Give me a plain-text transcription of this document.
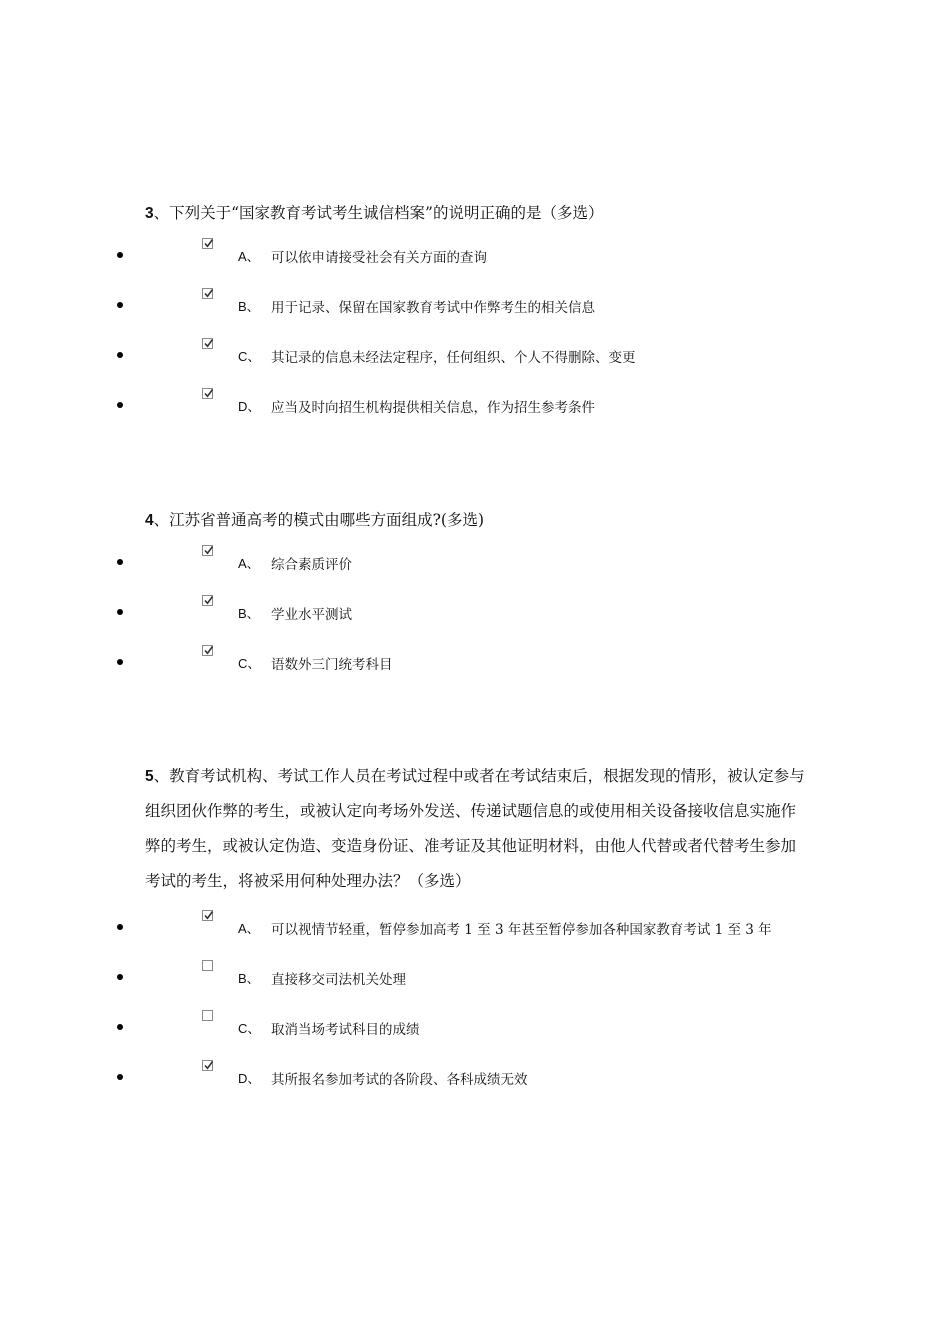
3、下列关于“国家教育考试考生诚信档案”的说明正确的是（多选）
A、 可以依申请接受社会有关方面的查询
B、 用于记录、保留在国家教育考试中作弊考生的相关信息
C、 其记录的信息未经法定程序，任何组织、个人不得删除、变更
D、 应当及时向招生机构提供相关信息，作为招生参考条件
4、江苏省普通高考的模式由哪些方面组成?(多选)
A、 综合素质评价
B、 学业水平测试
C、 语数外三门统考科目
5、教育考试机构、考试工作人员在考试过程中或者在考试结束后，根据发现的情形，被认定参与组织团伙作弊的考生，或被认定向考场外发送、传递试题信息的或使用相关设备接收信息实施作弊的考生，或被认定伪造、变造身份证、准考证及其他证明材料，由他人代替或者代替考生参加考试的考生，将被采用何种处理办法？（多选）
A、 可以视情节轻重，暂停参加高考 1 至 3 年甚至暂停参加各种国家教育考试 1 至 3 年
B、 直接移交司法机关处理
C、 取消当场考试科目的成绩
D、 其所报名参加考试的各阶段、各科成绩无效
